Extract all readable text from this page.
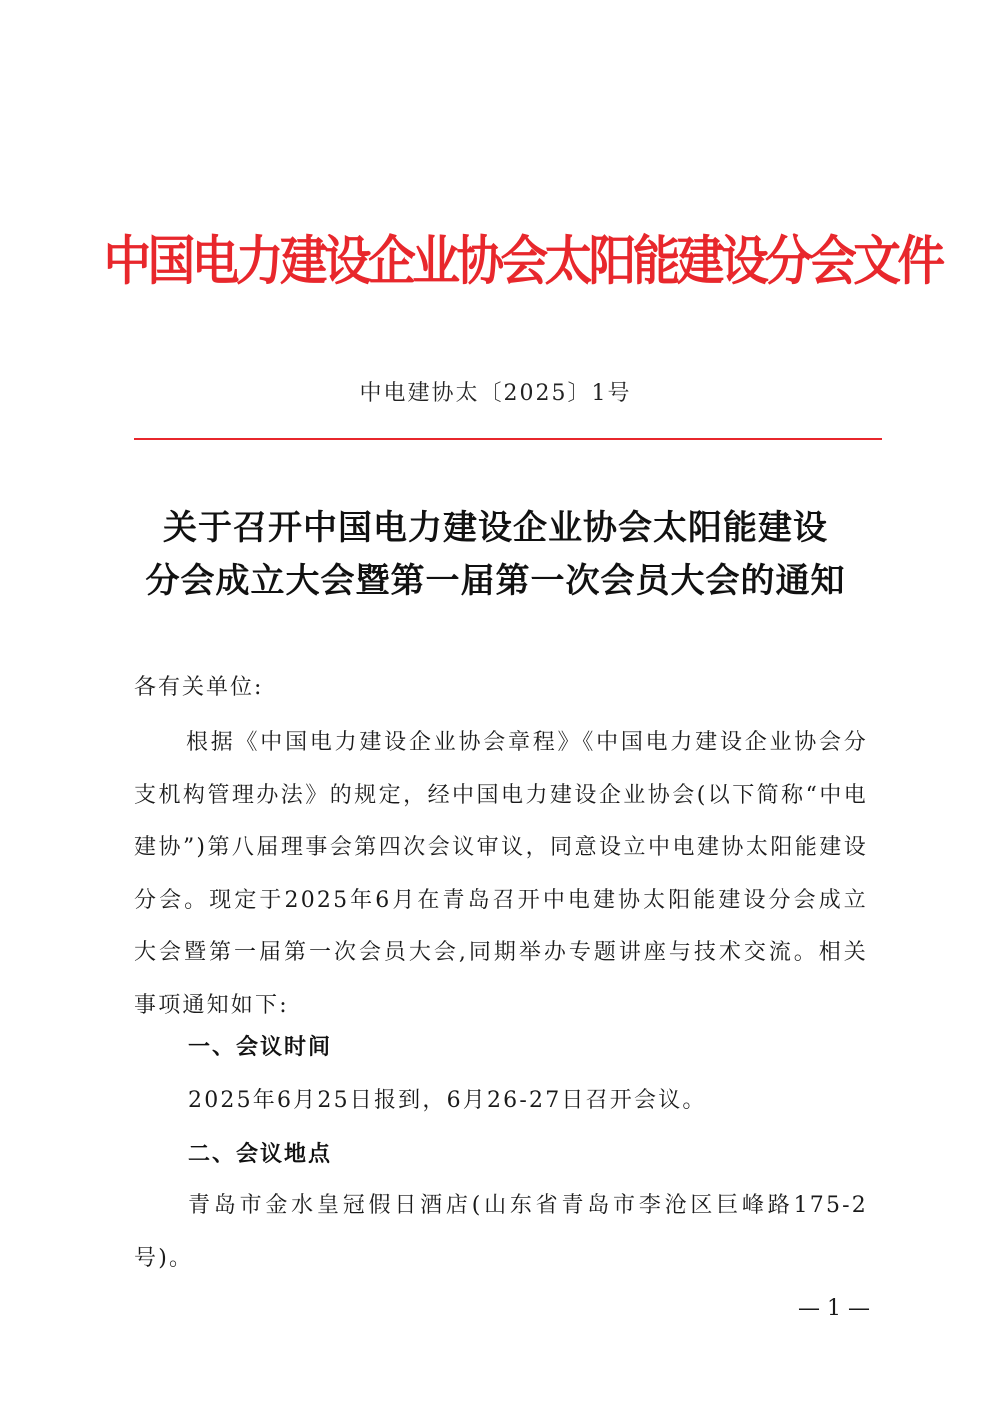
中国电力建设企业协会太阳能建设分会文件
中电建协太〔2025〕1号
关于召开中国电力建设企业协会太阳能建设
分会成立大会暨第一届第一次会员大会的通知
各有关单位:

根据《中国电力建设企业协会章程》《中国电力建设企业协会分支机构管理办法》的规定，经中国电力建设企业协会(以下简称“中电建协”)第八届理事会第四次会议审议，同意设立中电建协太阳能建设分会。现定于2025年6月在青岛召开中电建协太阳能建设分会成立大会暨第一届第一次会员大会,同期举办专题讲座与技术交流。相关事项通知如下:

一、会议时间

2025年6月25日报到，6月26-27日召开会议。

二、会议地点

青岛市金水皇冠假日酒店(山东省青岛市李沧区巨峰路175-2号)。

— 1 —
